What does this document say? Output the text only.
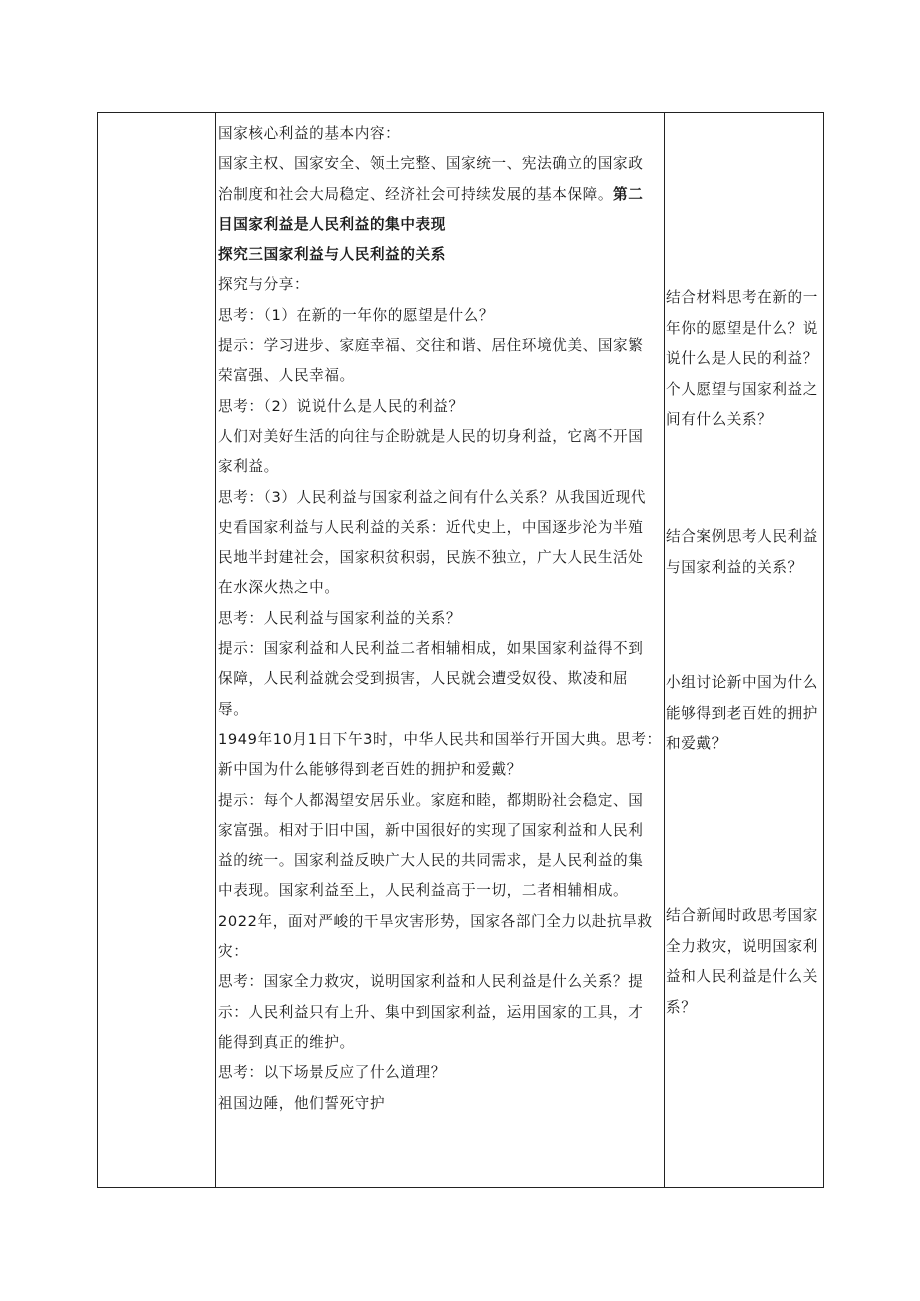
国家核心利益的基本内容：
国家主权、国家安全、领土完整、国家统一、宪法确立的国家政
治制度和社会大局稳定、经济社会可持续发展的基本保障。第二
目国家利益是人民利益的集中表现
探究三国家利益与人民利益的关系
探究与分享：
思考：（1）在新的一年你的愿望是什么？
提示：学习进步、家庭幸福、交往和谐、居住环境优美、国家繁
荣富强、人民幸福。
思考：（2）说说什么是人民的利益？
人们对美好生活的向往与企盼就是人民的切身利益，它离不开国
家利益。
思考：（3）人民利益与国家利益之间有什么关系？从我国近现代
史看国家利益与人民利益的关系：近代史上，中国逐步沦为半殖
民地半封建社会，国家积贫积弱，民族不独立，广大人民生活处
在水深火热之中。
思考：人民利益与国家利益的关系？
提示：国家利益和人民利益二者相辅相成，如果国家利益得不到
保障，人民利益就会受到损害，人民就会遭受奴役、欺凌和屈
辱。
1949年10月1日下午3时，中华人民共和国举行开国大典。思考：
新中国为什么能够得到老百姓的拥护和爱戴？
提示：每个人都渴望安居乐业。家庭和睦，都期盼社会稳定、国
家富强。相对于旧中国，新中国很好的实现了国家利益和人民利
益的统一。国家利益反映广大人民的共同需求，是人民利益的集
中表现。国家利益至上，人民利益高于一切，二者相辅相成。
2022年，面对严峻的干旱灾害形势，国家各部门全力以赴抗旱救
灾：
思考：国家全力救灾，说明国家利益和人民利益是什么关系？提
示：人民利益只有上升、集中到国家利益，运用国家的工具，才
能得到真正的维护。
思考：以下场景反应了什么道理？
祖国边陲，他们誓死守护
结合材料思考在新的一
年你的愿望是什么？说
说什么是人民的利益？
个人愿望与国家利益之
间有什么关系？
结合案例思考人民利益
与国家利益的关系？
小组讨论新中国为什么
能够得到老百姓的拥护
和爱戴？
结合新闻时政思考国家
全力救灾，说明国家利
益和人民利益是什么关
系？
